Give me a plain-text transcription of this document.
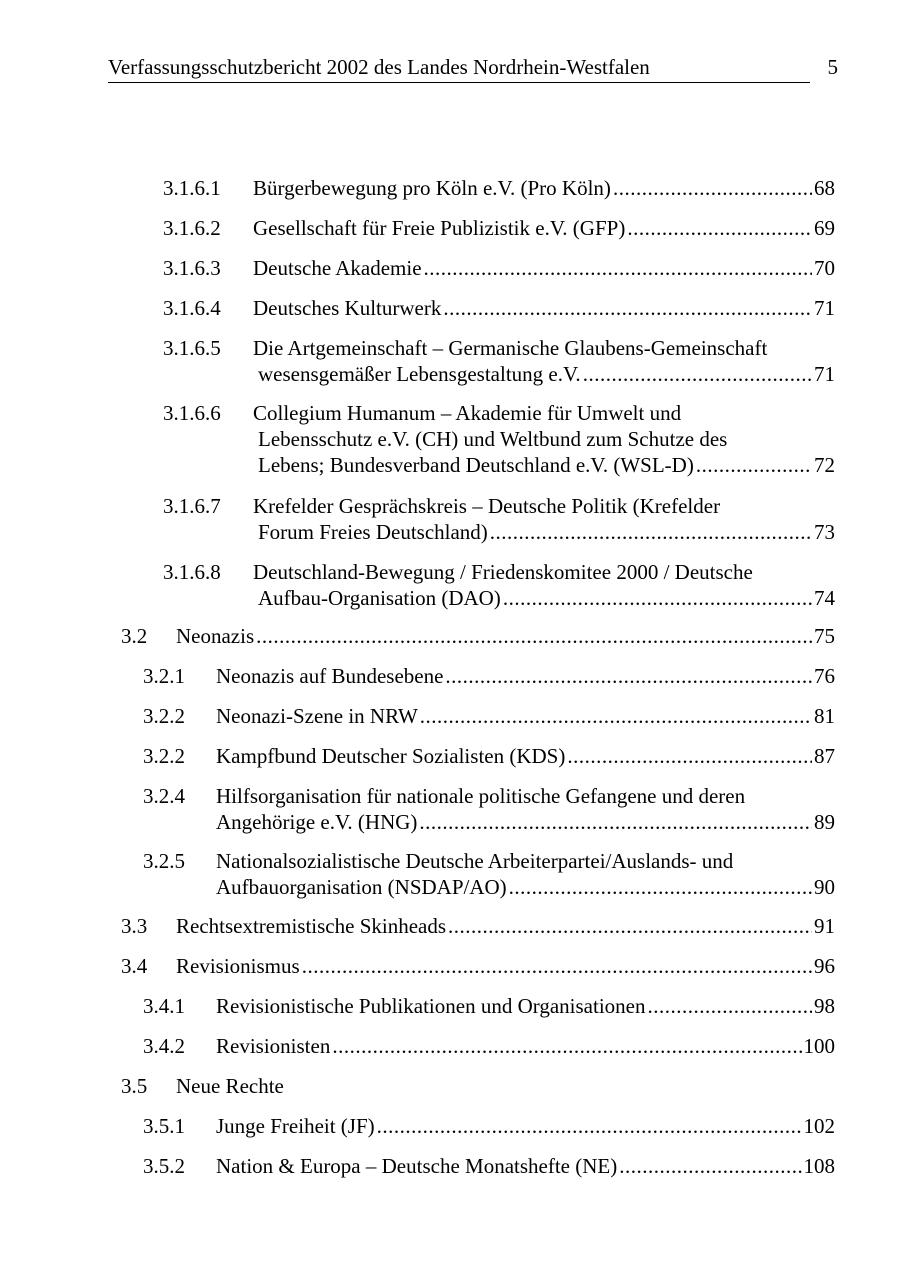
Verfassungsschutzbericht 2002 des Landes Nordrhein-Westfalen	5
3.1.6.1 Bürgerbewegung pro Köln e.V. (Pro Köln) .....	68
3.1.6.2 Gesellschaft für Freie Publizistik e.V. (GFP) .....	69
3.1.6.3 Deutsche Akademie .....	70
3.1.6.4 Deutsches Kulturwerk .....	71
3.1.6.5 Die Artgemeinschaft – Germanische Glaubens-Gemeinschaft
wesensgemäßer Lebensgestaltung e.V. .....	71
3.1.6.6 Collegium Humanum – Akademie für Umwelt und
Lebensschutz e.V. (CH) und Weltbund zum Schutze des
Lebens; Bundesverband Deutschland e.V. (WSL-D) .....	72
3.1.6.7 Krefelder Gesprächskreis – Deutsche Politik (Krefelder
Forum Freies Deutschland) .....	73
3.1.6.8 Deutschland-Bewegung / Friedenskomitee 2000 / Deutsche
Aufbau-Organisation (DAO) .....	74
3.2 Neonazis .....	75
3.2.1 Neonazis auf Bundesebene .....	76
3.2.2 Neonazi-Szene in NRW .....	81
3.2.2 Kampfbund Deutscher Sozialisten (KDS) .....	87
3.2.4 Hilfsorganisation für nationale politische Gefangene und deren
Angehörige e.V. (HNG) .....	89
3.2.5 Nationalsozialistische Deutsche Arbeiterpartei/Auslands- und
Aufbauorganisation (NSDAP/AO) .....	90
3.3 Rechtsextremistische Skinheads .....	91
3.4 Revisionismus .....	96
3.4.1 Revisionistische Publikationen und Organisationen .....	98
3.4.2 Revisionisten .....	100
3.5 Neue Rechte
3.5.1 Junge Freiheit (JF) .....	102
3.5.2 Nation & Europa – Deutsche Monatshefte (NE) .....	108
